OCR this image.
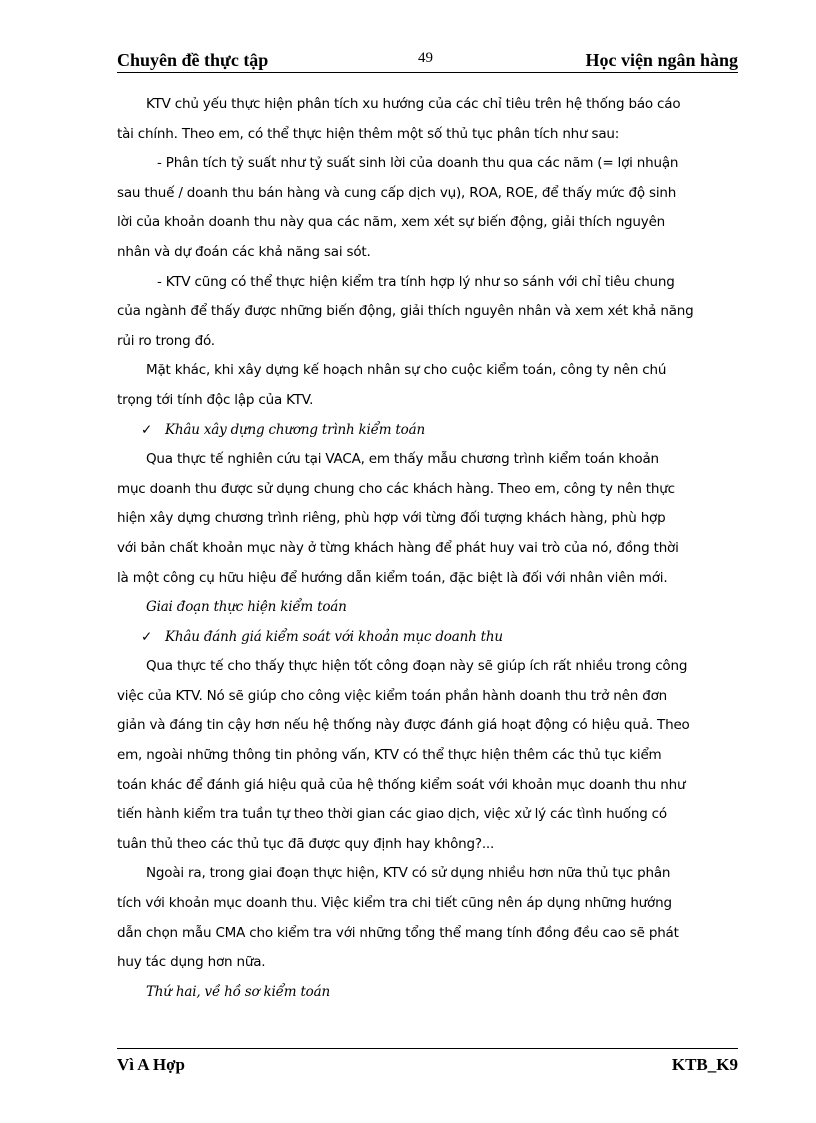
Chuyên đề thực tập	49	Học viện ngân hàng
KTV chủ yếu thực hiện phân tích xu hướng của các chỉ tiêu trên hệ thống báo cáo
tài chính. Theo em, có thể thực hiện thêm một số thủ tục phân tích như sau:
- Phân tích tỷ suất như tỷ suất sinh lời của doanh thu qua các năm (= lợi nhuận
sau thuế / doanh thu bán hàng và cung cấp dịch vụ), ROA, ROE, để thấy mức độ sinh
lời của khoản doanh thu này qua các năm, xem xét sự biến động, giải thích nguyên
nhân và dự đoán các khả năng sai sót.
- KTV cũng có thể thực hiện kiểm tra tính hợp lý như so sánh với chỉ tiêu chung
của ngành để thấy được những biến động, giải thích nguyên nhân và xem xét khả năng
rủi ro trong đó.
Mặt khác, khi xây dựng kế hoạch nhân sự cho cuộc kiểm toán, công ty nên chú
trọng tới tính độc lập của KTV.
✓ Khâu xây dựng chương trình kiểm toán
Qua thực tế nghiên cứu tại VACA, em thấy mẫu chương trình kiểm toán khoản
mục doanh thu được sử dụng chung cho các khách hàng. Theo em, công ty nên thực
hiện xây dựng chương trình riêng, phù hợp với từng đối tượng khách hàng, phù hợp
với bản chất khoản mục này ở từng khách hàng để phát huy vai trò của nó, đồng thời
là một công cụ hữu hiệu để hướng dẫn kiểm toán, đặc biệt là đối với nhân viên mới.
Giai đoạn thực hiện kiểm toán
✓ Khâu đánh giá kiểm soát với khoản mục doanh thu
Qua thực tế cho thấy thực hiện tốt công đoạn này sẽ giúp ích rất nhiều trong công
việc của KTV. Nó sẽ giúp cho công việc kiểm toán phần hành doanh thu trở nên đơn
giản và đáng tin cậy hơn nếu hệ thống này được đánh giá hoạt động có hiệu quả. Theo
em, ngoài những thông tin phỏng vấn, KTV có thể thực hiện thêm các thủ tục kiểm
toán khác để đánh giá hiệu quả của hệ thống kiểm soát với khoản mục doanh thu như
tiến hành kiểm tra tuần tự theo thời gian các giao dịch, việc xử lý các tình huống có
tuân thủ theo các thủ tục đã được quy định hay không?...
Ngoài ra, trong giai đoạn thực hiện, KTV có sử dụng nhiều hơn nữa thủ tục phân
tích với khoản mục doanh thu. Việc kiểm tra chi tiết cũng nên áp dụng những hướng
dẫn chọn mẫu CMA cho kiểm tra với những tổng thể mang tính đồng đều cao sẽ phát
huy tác dụng hơn nữa.
Thứ hai, về hồ sơ kiểm toán
Vì A Hợp	KTB_K9
